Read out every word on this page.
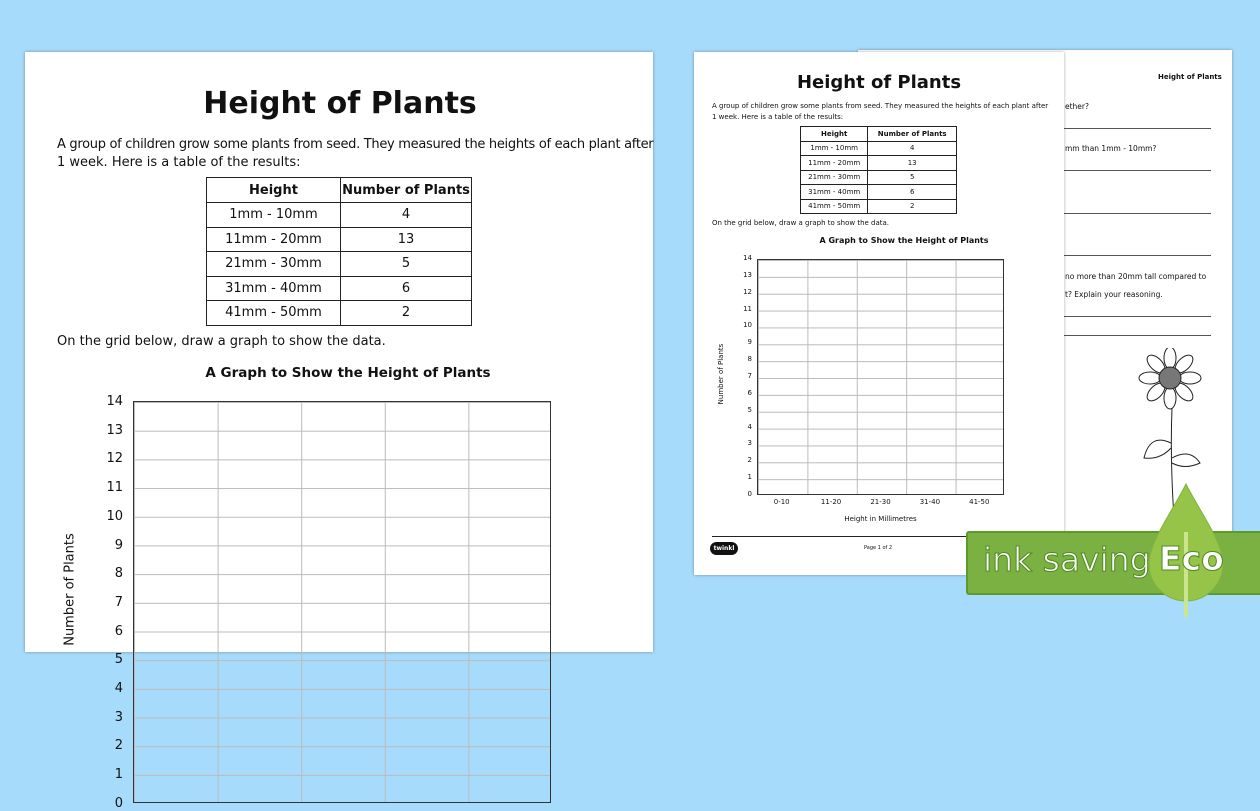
Height of Plants
ether?
mm than 1mm - 10mm?
no more than 20mm tall compared to
t? Explain your reasoning.
Height of Plants
A group of children grow some plants from seed. They measured the heights of each plant after
1 week. Here is a table of the results:
Height	Number of Plants
1mm - 10mm	4
11mm - 20mm	13
21mm - 30mm	5
31mm - 40mm	6
41mm - 50mm	2
On the grid below, draw a graph to show the data.
A Graph to Show the Height of Plants
14
13
12
11
10
9
8
7
6
5
4
3
2
1
0
0-10	11-20	21-30	31-40	41-50
Number of Plants
Height in Millimetres
twinkl	Page 1 of 2
Height of Plants
A group of children grow some plants from seed. They measured the heights of each plant after
1 week. Here is a table of the results:
Height	Number of Plants
1mm - 10mm	4
11mm - 20mm	13
21mm - 30mm	5
31mm - 40mm	6
41mm - 50mm	2
On the grid below, draw a graph to show the data.
A Graph to Show the Height of Plants
14
13
12
11
10
9
8
7
6
5
4
3
2
1
0
Number of Plants	ink saving Eco
